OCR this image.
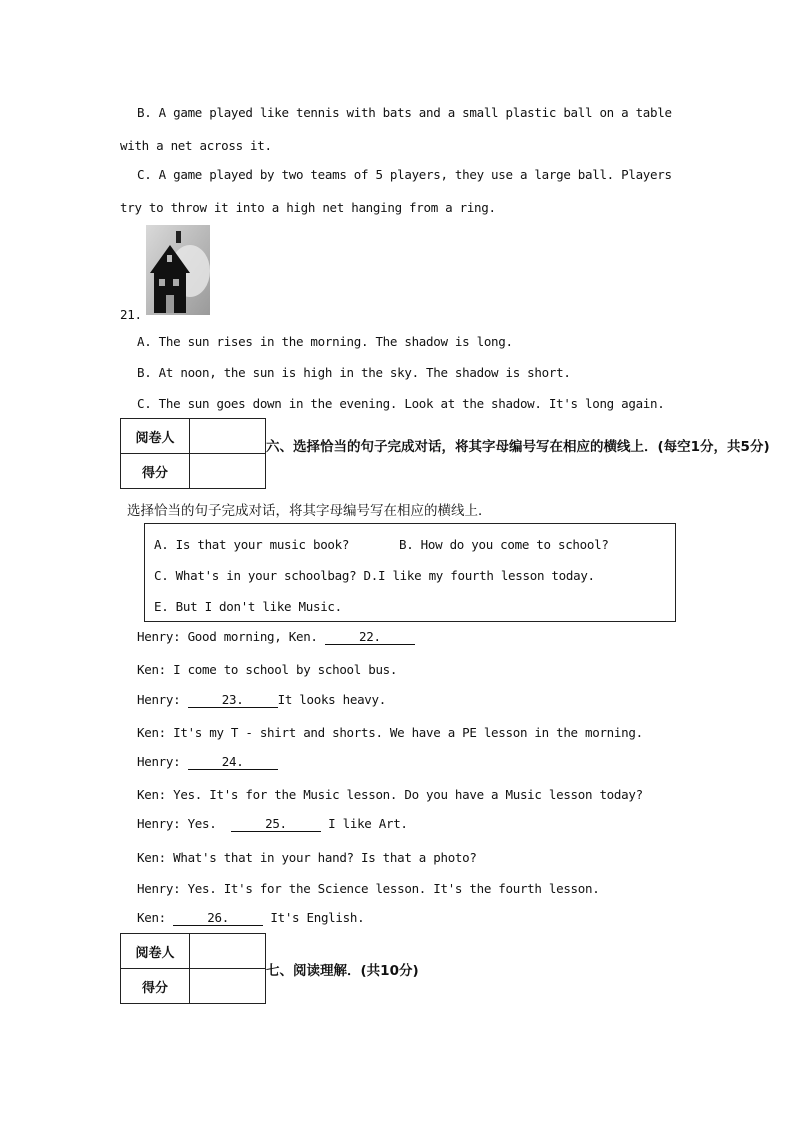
B. A game played like tennis with bats and a small plastic ball on a table
with a net across it.
C. A game played by two teams of 5 players, they use a large ball. Players
try to throw it into a high net hanging from a ring.
21.
A. The sun rises in the morning. The shadow is long.
B. At noon, the sun is high in the sky. The shadow is short.
C. The sun goes down in the evening. Look at the shadow. It's long again.
阅卷人	
得分	
六、选择恰当的句子完成对话，将其字母编号写在相应的横线上．(每空1分，共5分)
选择恰当的句子完成对话，将其字母编号写在相应的横线上．
A. Is that your music book?	B. How do you come to school?
C. What's in your schoolbag? D.I like my fourth lesson today.
E. But I don't like Music.
Henry: Good morning, Ken.	22.
Ken: I come to school by school bus.
Henry:	23.	It looks heavy.
Ken: It's my T - shirt and shorts. We have a PE lesson in the morning.
Henry:	24.
Ken: Yes. It's for the Music lesson. Do you have a Music lesson today?
Henry: Yes.	25.	I like Art.
Ken: What's that in your hand? Is that a photo?
Henry: Yes. It's for the Science lesson. It's the fourth lesson.
Ken:	26.	It's English.
阅卷人	
得分	
七、阅读理解．(共10分)
